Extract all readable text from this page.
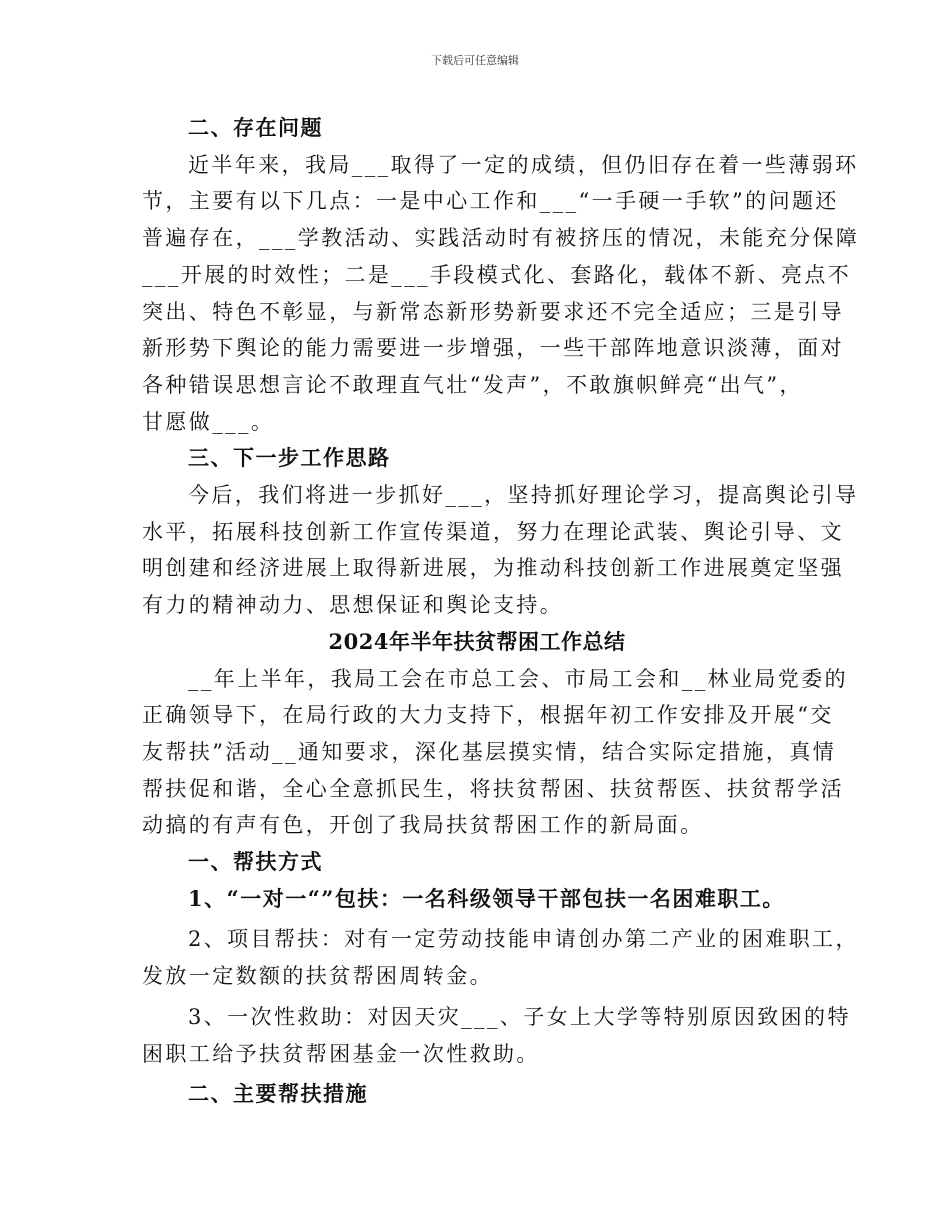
下载后可任意编辑
二、存在问题
近半年来，我局___取得了一定的成绩，但仍旧存在着一些薄弱环
节，主要有以下几点：一是中心工作和___“一手硬一手软”的问题还
普遍存在，___学教活动、实践活动时有被挤压的情况，未能充分保障
___开展的时效性；二是___手段模式化、套路化，载体不新、亮点不
突出、特色不彰显，与新常态新形势新要求还不完全适应；三是引导
新形势下舆论的能力需要进一步增强，一些干部阵地意识淡薄，面对
各种错误思想言论不敢理直气壮“发声”，不敢旗帜鲜亮“出气”，
甘愿做___。
三、下一步工作思路
今后，我们将进一步抓好___，坚持抓好理论学习，提高舆论引导
水平，拓展科技创新工作宣传渠道，努力在理论武装、舆论引导、文
明创建和经济进展上取得新进展，为推动科技创新工作进展奠定坚强
有力的精神动力、思想保证和舆论支持。
2024年半年扶贫帮困工作总结
__年上半年，我局工会在市总工会、市局工会和__林业局党委的
正确领导下，在局行政的大力支持下，根据年初工作安排及开展“交
友帮扶”活动__通知要求，深化基层摸实情，结合实际定措施，真情
帮扶促和谐，全心全意抓民生，将扶贫帮困、扶贫帮医、扶贫帮学活
动搞的有声有色，开创了我局扶贫帮困工作的新局面。
一、帮扶方式
1、“一对一“”包扶：一名科级领导干部包扶一名困难职工。
2、项目帮扶：对有一定劳动技能申请创办第二产业的困难职工，
发放一定数额的扶贫帮困周转金。
3、一次性救助：对因天灾___、子女上大学等特别原因致困的特
困职工给予扶贫帮困基金一次性救助。
二、主要帮扶措施
